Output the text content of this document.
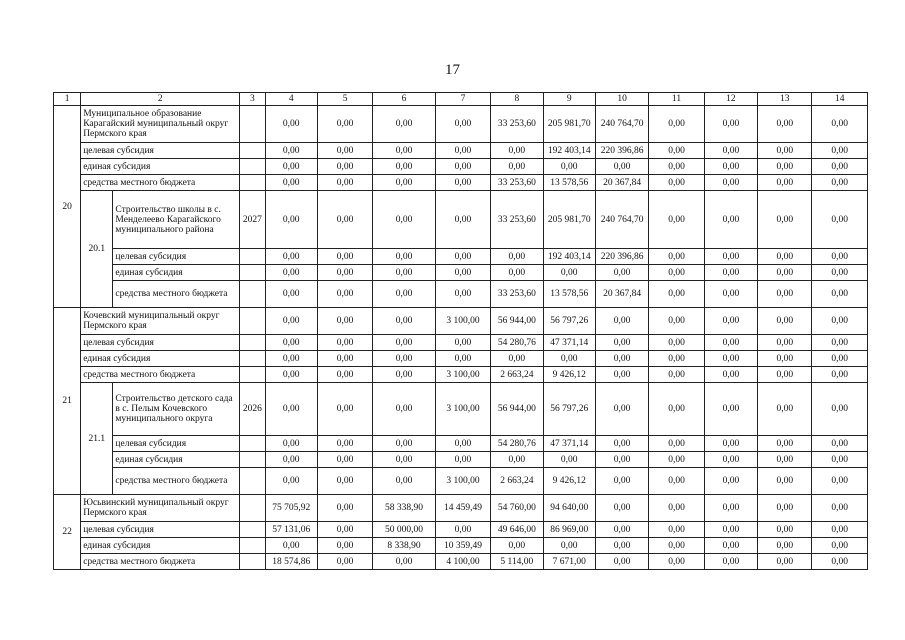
17
1	2		3	4	5	6	7	8	9	10	11	12	13	14
20	Муниципальное образование Карагайский муниципальный округ Пермского края			0,00	0,00	0,00	0,00	33 253,60	205 981,70	240 764,70	0,00	0,00	0,00	0,00
	целевая субсидия			0,00	0,00	0,00	0,00	0,00	192 403,14	220 396,86	0,00	0,00	0,00	0,00
	единая субсидия			0,00	0,00	0,00	0,00	0,00	0,00	0,00	0,00	0,00	0,00	0,00
	средства местного бюджета			0,00	0,00	0,00	0,00	33 253,60	13 578,56	20 367,84	0,00	0,00	0,00	0,00
	20.1	Строительство школы в с. Менделеево Карагайского муниципального района	2027	0,00	0,00	0,00	0,00	33 253,60	205 981,70	240 764,70	0,00	0,00	0,00	0,00
		целевая субсидия		0,00	0,00	0,00	0,00	0,00	192 403,14	220 396,86	0,00	0,00	0,00	0,00
		единая субсидия		0,00	0,00	0,00	0,00	0,00	0,00	0,00	0,00	0,00	0,00	0,00
		средства местного бюджета		0,00	0,00	0,00	0,00	33 253,60	13 578,56	20 367,84	0,00	0,00	0,00	0,00
21	Кочевский муниципальный округ Пермского края			0,00	0,00	0,00	3 100,00	56 944,00	56 797,26	0,00	0,00	0,00	0,00	0,00
	целевая субсидия			0,00	0,00	0,00	0,00	54 280,76	47 371,14	0,00	0,00	0,00	0,00	0,00
	единая субсидия			0,00	0,00	0,00	0,00	0,00	0,00	0,00	0,00	0,00	0,00	0,00
	средства местного бюджета			0,00	0,00	0,00	3 100,00	2 663,24	9 426,12	0,00	0,00	0,00	0,00	0,00
	21.1	Строительство детского сада в с. Пелым Кочевского муниципального округа	2026	0,00	0,00	0,00	3 100,00	56 944,00	56 797,26	0,00	0,00	0,00	0,00	0,00
		целевая субсидия		0,00	0,00	0,00	0,00	54 280,76	47 371,14	0,00	0,00	0,00	0,00	0,00
		единая субсидия		0,00	0,00	0,00	0,00	0,00	0,00	0,00	0,00	0,00	0,00	0,00
		средства местного бюджета		0,00	0,00	0,00	3 100,00	2 663,24	9 426,12	0,00	0,00	0,00	0,00	0,00
22	Юсьвинский муниципальный округ Пермского края			75 705,92	0,00	58 338,90	14 459,49	54 760,00	94 640,00	0,00	0,00	0,00	0,00	0,00
	целевая субсидия			57 131,06	0,00	50 000,00	0,00	49 646,00	86 969,00	0,00	0,00	0,00	0,00	0,00
	единая субсидия			0,00	0,00	8 338,90	10 359,49	0,00	0,00	0,00	0,00	0,00	0,00	0,00
	средства местного бюджета			18 574,86	0,00	0,00	4 100,00	5 114,00	7 671,00	0,00	0,00	0,00	0,00	0,00
